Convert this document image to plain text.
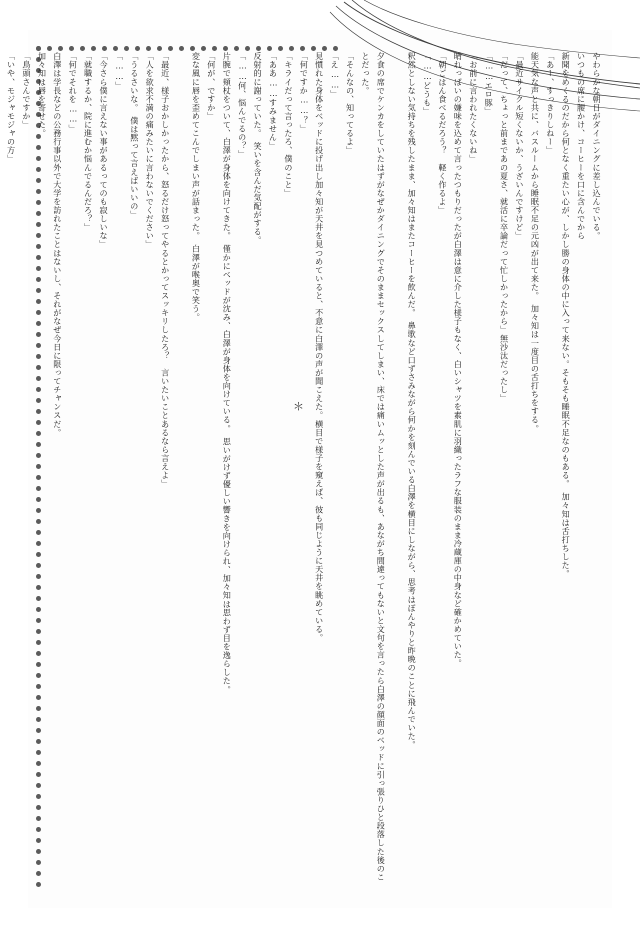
＊

やわらかな朝日がダイニングに差し込んでいる。

いつもの席に腰かけ、コーヒーを口に含んでから

新聞をめくるのだから何となく重たい心が、しかし勝の身体の中に入って来ない。そもそも睡眠不足なのもある。　加々知は舌打ちした。

「あー、すっきりしねー」

能天気な声と共に、バスルームから睡眠不足の元凶が出て来た。　加々知は一度目の舌打ちをする。

「最近サイクル短くないか、うざいんですけど」

「だって、ちょっと前まであの夏さ、就活に卒論だって忙しかったから」無沙汰だったし」

「……エロ豚」

「お前に言われたくないね」

晴れっぱいの嫌味を込めて言ったつもりだったが白澤は意に介した様子もなく、白いシャツを素肌に羽織ったラフな服装のまま冷蔵庫の中身など確かめていた。

「朝ごはん食べるだろう？　軽く作るよ」

「……どうも」

釈然としない気持ちを残したまま、加々知はまたコーヒーを飲んだ。　鼻歌など口ずさみながら何かを刻んでいる白澤を横目にしながら、思考はぼんやりと昨晩のことに飛んでいた。

夕食の席でケンカをしていたはずがなぜかダイニングでそのままセックスしてしまい、床では痛いムッとした声が出るも、あながち間違ってもないと文句を言ったら白澤の顔面のベッドに引っ張りひと段落した後のことだった。

「そんなの、知ってるよ」

「え……」

見慣れた身体をベッドに投げ出し加々知が天井を見つめていると、不意に白澤の声が聞こえた。横目で様子を窺えば、彼も同じように天井を眺めている。

「何ですか……？」

「キライだって言ったろ、僕のこと」

「ああ……すみません」

反射的に謝っていた。　笑いを含んだ気配がする。

「……何、悩んでるの？」

片腕で頬杖をついて、白澤が身体を向けてきた。　僅かにベッドが沈み、白澤が身体を向けている。　思いがけず優しい響きを向けられ、加々知は思わず目を逸らした。

「何が、ですか」

変な風に唇を歪めてこんでしまい声が話まった。　白澤が喉奥で笑う。

「最近、様子おかしかったから、怒るだけ怒ってやるとかってスッキリしたろ？　言いたいことあるなら言えよ」

「人を欲求不満の痛みたいに言わないでください」

「うるさいな。　僕は黙って言えばいいの」

「……」

「今さら僕に言えない事があるってのも寂しいな」

「就職するか、院に進むか悩んでるんだろ？」

「何でそれを……」

白澤は学長などの公務行事以外で大学を訪れたことはないし、それがなぜ今日に限ってチャンスだ。

加々知は唇を寄せた。

「鳥頭さんですか」

「いや、モジャモジャの方」
